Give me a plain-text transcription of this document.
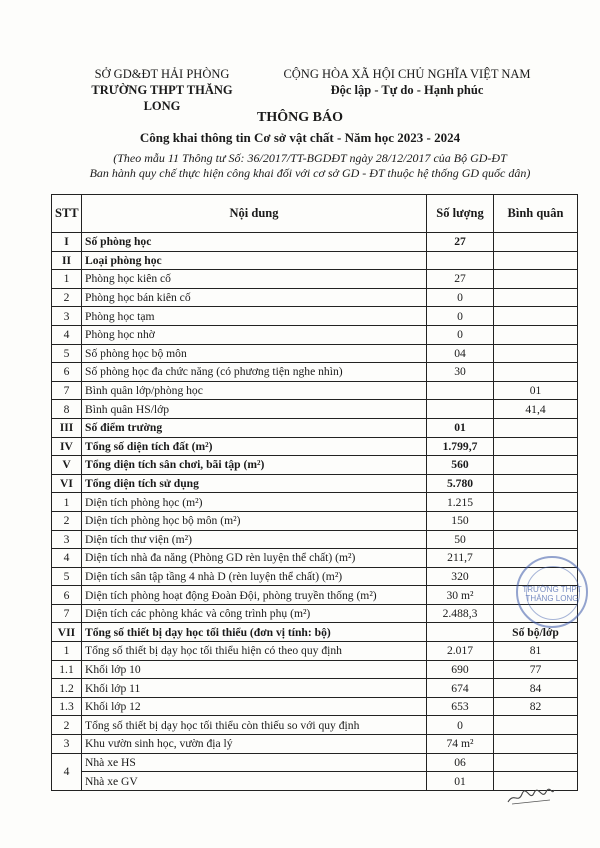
SỞ GD&ĐT HẢI PHÒNG
TRƯỜNG THPT THĂNG LONG
CỘNG HÒA XÃ HỘI CHỦ NGHĨA VIỆT NAM
Độc lập - Tự do - Hạnh phúc
THÔNG BÁO
Công khai thông tin Cơ sở vật chất - Năm học 2023 - 2024
(Theo mẫu 11 Thông tư Số: 36/2017/TT-BGDĐT ngày 28/12/2017 của Bộ GD-ĐT
Ban hành quy chế thực hiện công khai đối với cơ sở GD - ĐT thuộc hệ thống GD quốc dân)
STT	Nội dung	Số lượng	Bình quân
I	Số phòng học	27	
II	Loại phòng học		
1	Phòng học kiên cố	27	
2	Phòng học bán kiên cố	0	
3	Phòng học tạm	0	
4	Phòng học nhờ	0	
5	Số phòng học bộ môn	04	
6	Số phòng học đa chức năng (có phương tiện nghe nhìn)	30	
7	Bình quân lớp/phòng học		01
8	Bình quân HS/lớp		41,4
III	Số điểm trường	01	
IV	Tổng số diện tích đất (m²)	1.799,7	
V	Tổng diện tích sân chơi, bãi tập (m²)	560	
VI	Tổng diện tích sử dụng	5.780	
1	Diện tích phòng học (m²)	1.215	
2	Diện tích phòng học bộ môn (m²)	150	
3	Diện tích thư viện (m²)	50	
4	Diện tích nhà đa năng (Phòng GD rèn luyện thể chất) (m²)	211,7	
5	Diện tích sân tập tầng 4 nhà D (rèn luyện thể chất) (m²)	320	
6	Diện tích phòng hoạt động Đoàn Đội, phòng truyền thống (m²)	30 m²	
7	Diện tích các phòng khác và công trình phụ (m²)	2.488,3	
VII	Tổng số thiết bị dạy học tối thiểu (đơn vị tính: bộ)		Số bộ/lớp
1	Tổng số thiết bị dạy học tối thiểu hiện có theo quy định	2.017	81
1.1	Khối lớp 10	690	77
1.2	Khối lớp 11	674	84
1.3	Khối lớp 12	653	82
2	Tổng số thiết bị dạy học tối thiểu còn thiếu so với quy định	0	
3	Khu vườn sinh học, vườn địa lý	74 m²	
4	Nhà xe HS	06	
	Nhà xe GV	01	
TRƯỜNG THPT THĂNG LONG
